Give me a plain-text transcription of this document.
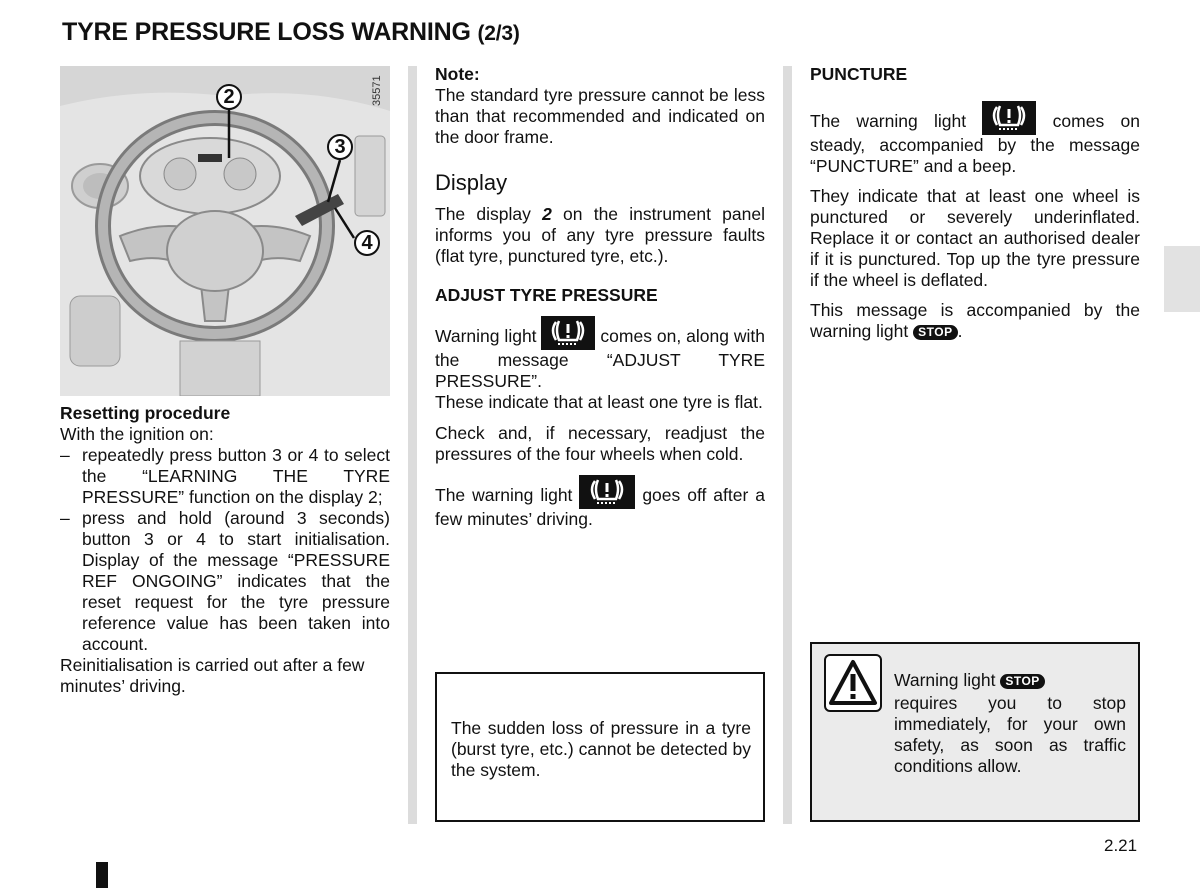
TYRE PRESSURE LOSS WARNING (2/3)
35571
2
3
4

Resetting procedure

With the ignition on:

– repeatedly press button 3 or 4 to select the “LEARNING THE TYRE PRESSURE” function on the display 2;
– press and hold (around 3 seconds) button 3 or 4 to start initialisation. Display of the message “PRESSURE REF ONGOING” indicates that the reset request for the tyre pressure reference value has been taken into account.

Reinitialisation is carried out after a few minutes’ driving.

Note:

The standard tyre pressure cannot be less than that recommended and indicated on the door frame.

Display

The display 2 on the instrument panel informs you of any tyre pressure faults (flat tyre, punctured tyre, etc.).

ADJUST TYRE PRESSURE

Warning light	comes on, along with the message “ADJUST TYRE PRESSURE”.

These indicate that at least one tyre is flat.

Check and, if necessary, readjust the pressures of the four wheels when cold.

The warning light	goes off after a few minutes’ driving.

The sudden loss of pressure in a tyre (burst tyre, etc.) cannot be detected by the system.

PUNCTURE

The warning light	comes on steady, accompanied by the message “PUNCTURE” and a beep.

They indicate that at least one wheel is punctured or severely underinflated. Replace it or contact an authorised dealer if it is punctured. Top up the tyre pressure if the wheel is deflated.

This message is accompanied by the warning light STOP .

Warning light STOP

requires you to stop immediately, for your own safety, as soon as traffic conditions allow.

2.21
